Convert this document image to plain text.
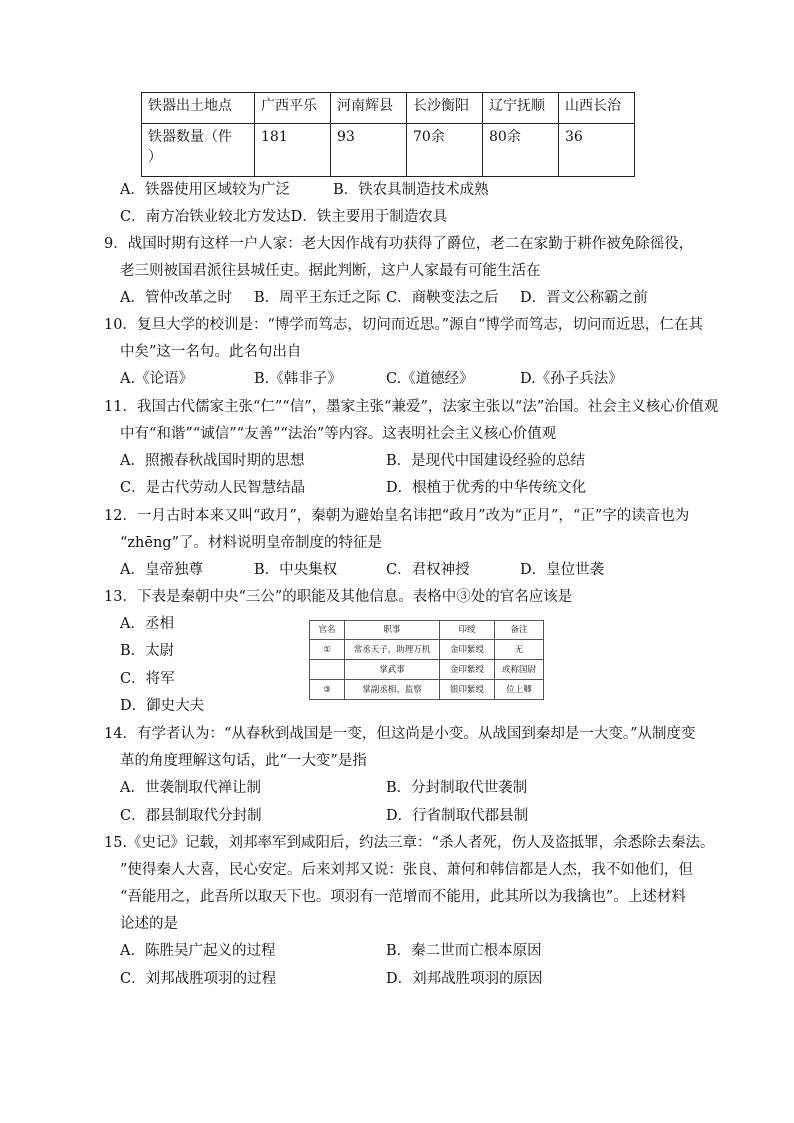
铁器出土地点	广西平乐	河南辉县	长沙衡阳	辽宁抚顺	山西长治
铁器数量（件
）	181	93	70余	80余	36
A．铁器使用区域较为广泛	B．铁农具制造技术成熟
C．南方冶铁业较北方发达D．铁主要用于制造农具
9．战国时期有这样一户人家：老大因作战有功获得了爵位，老二在家勤于耕作被免除徭役，
老三则被国君派往县城任吏。据此判断，这户人家最有可能生活在
A．管仲改革之时 B．周平王东迁之际 C．商鞅变法之后 D．晋文公称霸之前
10．复旦大学的校训是：“博学而笃志，切问而近思。”源自“博学而笃志，切问而近思，仁在其
中矣”这一名句。此名句出自
A.《论语》	B.《韩非子》	C.《道德经》	D.《孙子兵法》
11．我国古代儒家主张“仁”“信”，墨家主张“兼爱”，法家主张以“法”治国。社会主义核心价值观
中有“和谐”“诚信”“友善”“法治”等内容。这表明社会主义核心价值观
A．照搬春秋战国时期的思想	B．是现代中国建设经验的总结
C．是古代劳动人民智慧结晶	D．根植于优秀的中华传统文化
12．一月古时本来又叫“政月”，秦朝为避始皇名讳把“政月”改为“正月”，“正”字的读音也为
“zhēng”了。材料说明皇帝制度的特征是
A．皇帝独尊	B．中央集权	C．君权神授	D．皇位世袭
13．下表是秦朝中央“三公”的职能及其他信息。表格中③处的官名应该是
A．丞相
B．太尉
C．将军
D．御史大夫
官名	职事	印绶	备注
①	常丞天子，助理万机	金印紫绶	无
	掌武事	金印紫绶	或称国尉
③	掌副丞相、监察	银印紫绶	位上卿
14．有学者认为：“从春秋到战国是一变，但这尚是小变。从战国到秦却是一大变。”从制度变
革的角度理解这句话，此“一大变”是指
A．世袭制取代禅让制	B．分封制取代世袭制
C．郡县制取代分封制	D．行省制取代郡县制
15.《史记》记载，刘邦率军到咸阳后，约法三章：“杀人者死，伤人及盗抵罪，余悉除去秦法。
”使得秦人大喜，民心安定。后来刘邦又说：张良、萧何和韩信都是人杰，我不如他们，但
“吾能用之，此吾所以取天下也。项羽有一范增而不能用，此其所以为我擒也”。上述材料
论述的是
A．陈胜吴广起义的过程	B．秦二世而亡根本原因
C．刘邦战胜项羽的过程	D．刘邦战胜项羽的原因
